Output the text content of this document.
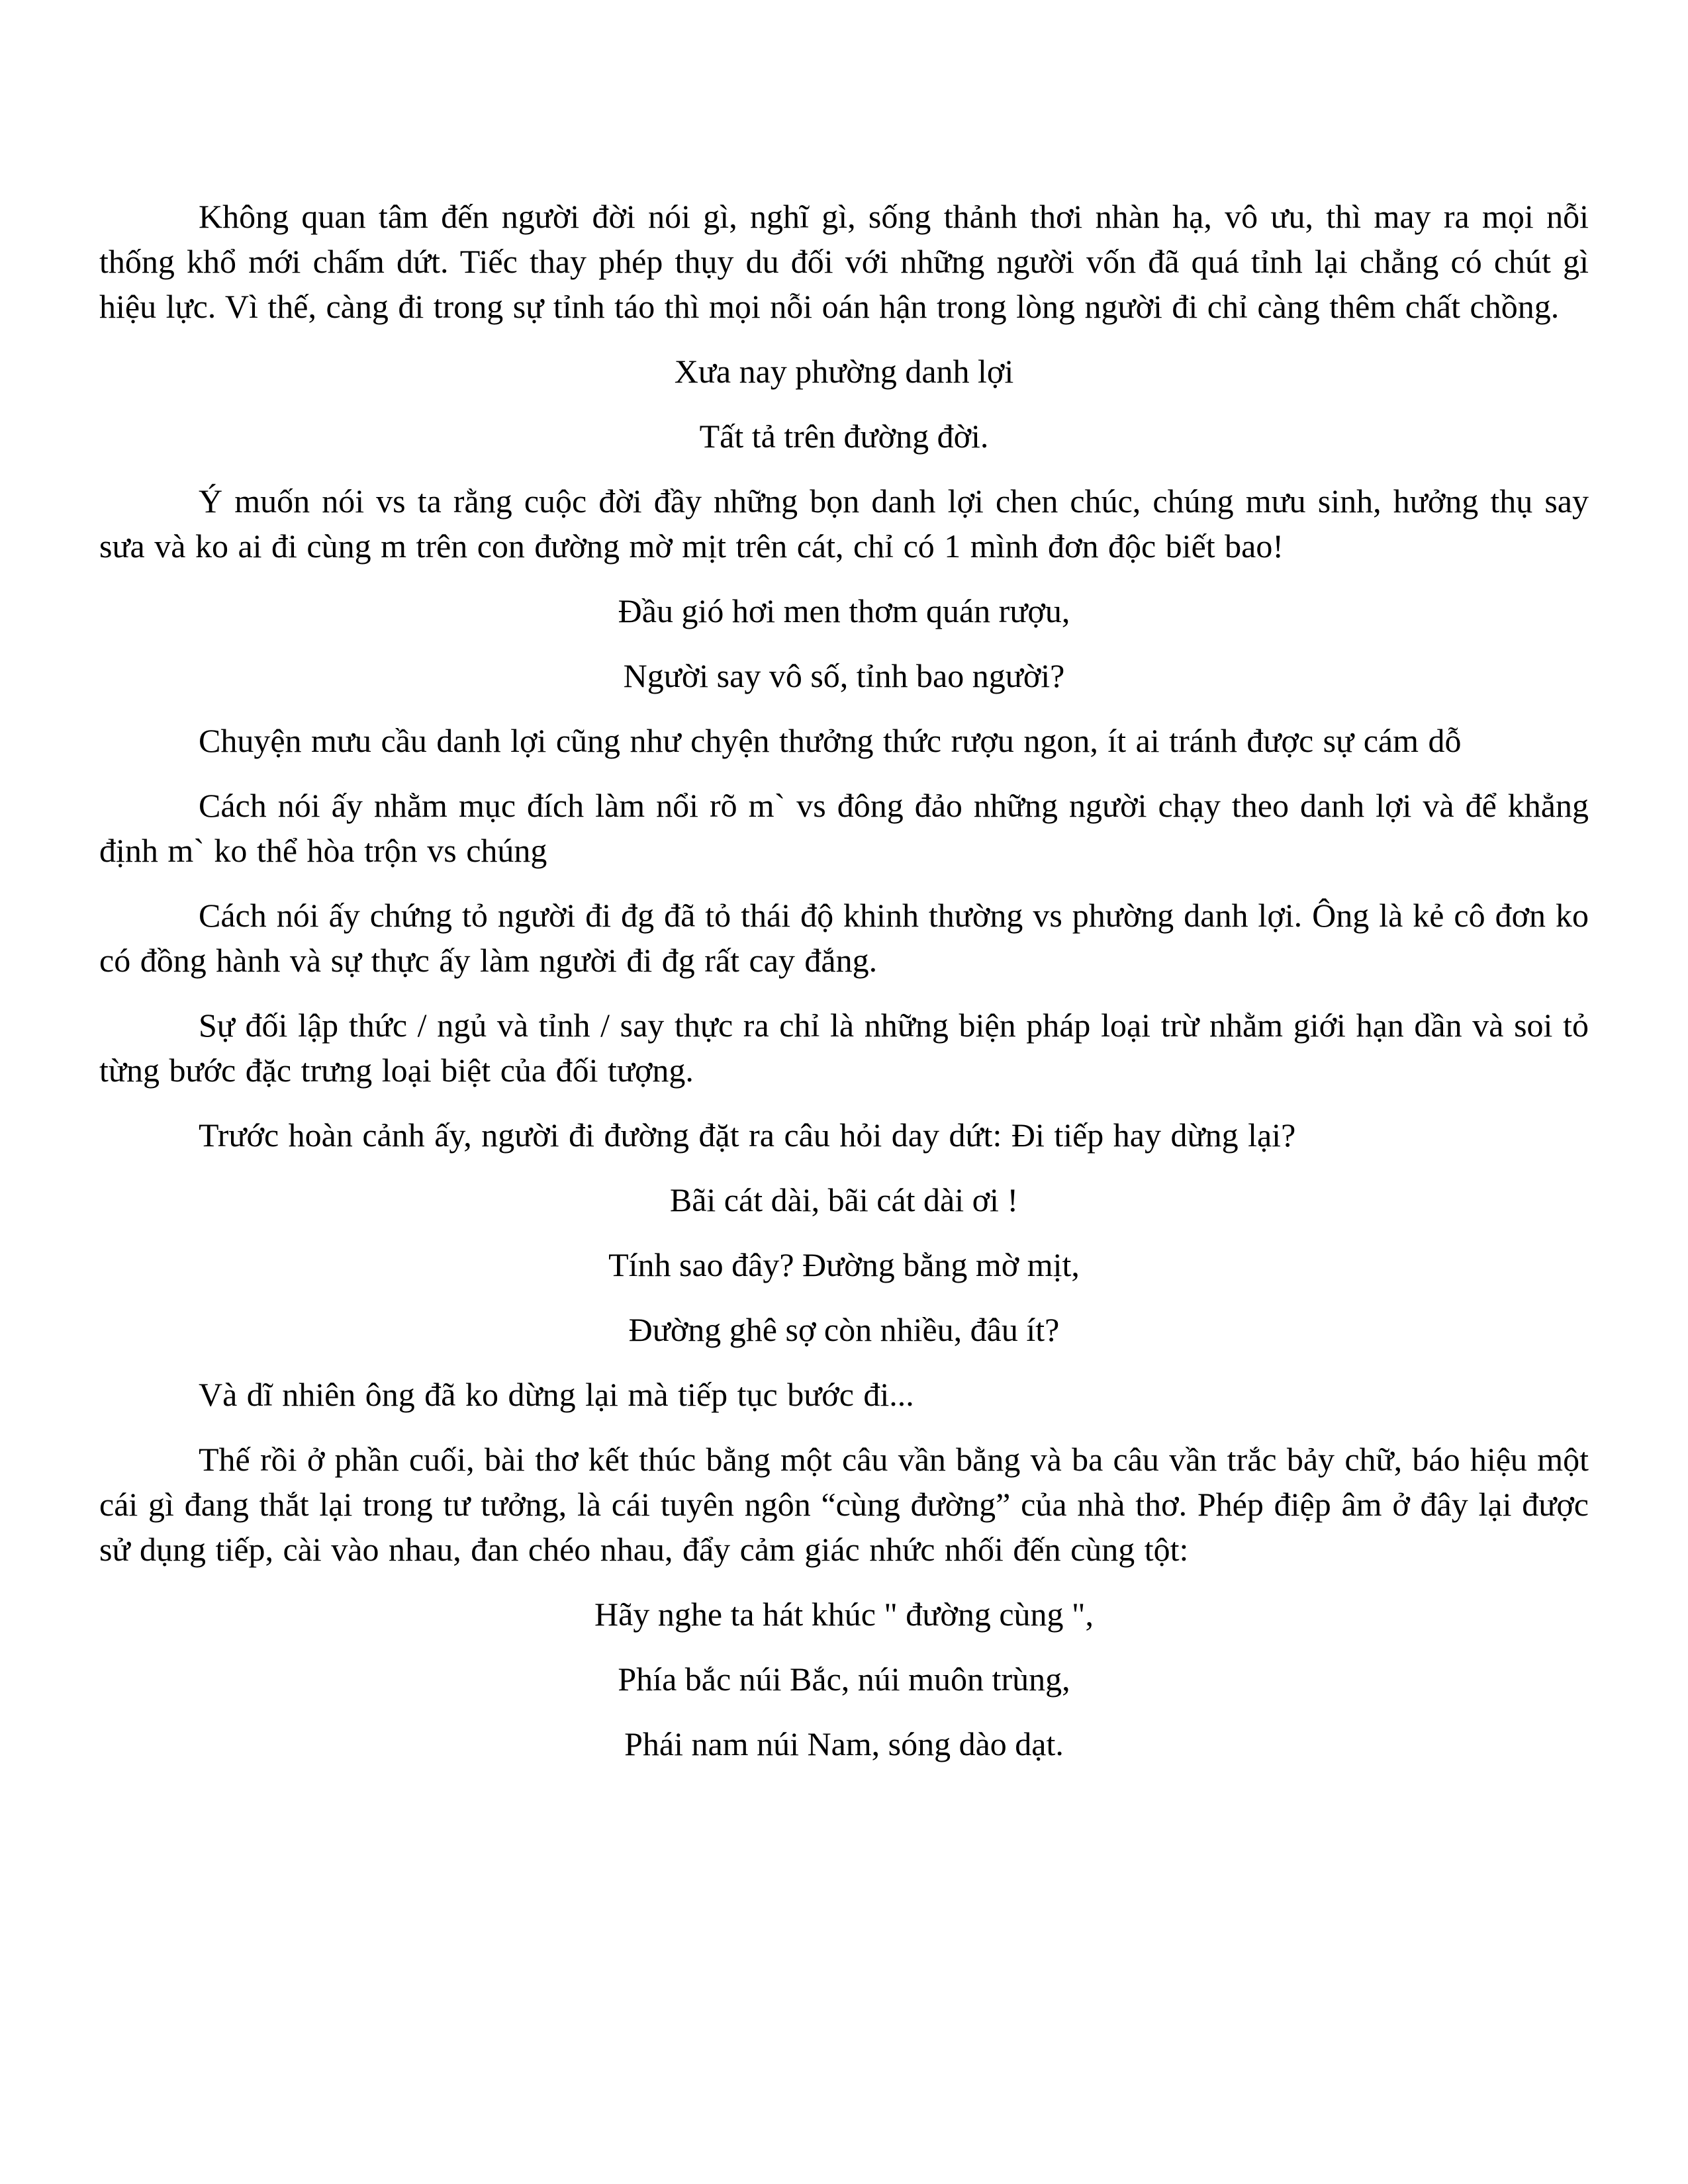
Không quan tâm đến người đời nói gì, nghĩ gì, sống thảnh thơi nhàn hạ, vô ưu, thì may ra mọi nỗi thống khổ mới chấm dứt. Tiếc thay phép thụy du đối với những người vốn đã quá tỉnh lại chẳng có chút gì hiệu lực. Vì thế, càng đi trong sự tỉnh táo thì mọi nỗi oán hận trong lòng người đi chỉ càng thêm chất chồng.

Xưa nay phường danh lợi

Tất tả trên đường đời.

Ý muốn nói vs ta rằng cuộc đời đầy những bọn danh lợi chen chúc, chúng mưu sinh, hưởng thụ say sưa và ko ai đi cùng m trên con đường mờ mịt trên cát, chỉ có 1 mình đơn độc biết bao!

Đầu gió hơi men thơm quán rượu,

Người say vô số, tỉnh bao người?

Chuyện mưu cầu danh lợi cũng như chyện thưởng thức rượu ngon, ít ai tránh được sự cám dỗ

Cách nói ấy nhằm mục đích làm nổi rõ m` vs đông đảo những người chạy theo danh lợi và để khẳng định m` ko thể hòa trộn vs chúng

Cách nói ấy chứng tỏ người đi đg đã tỏ thái độ khinh thường vs phường danh lợi. Ông là kẻ cô đơn ko có đồng hành và sự thực ấy làm người đi đg rất cay đắng.

Sự đối lập thức / ngủ và tỉnh / say thực ra chỉ là những biện pháp loại trừ nhằm giới hạn dần và soi tỏ từng bước đặc trưng loại biệt của đối tượng.

Trước hoàn cảnh ấy, người đi đường đặt ra câu hỏi day dứt: Đi tiếp hay dừng lại?

Bãi cát dài, bãi cát dài ơi !

Tính sao đây? Đường bằng mờ mịt,

Đường ghê sợ còn nhiều, đâu ít?

Và dĩ nhiên ông đã ko dừng lại mà tiếp tục bước đi...

Thế rồi ở phần cuối, bài thơ kết thúc bằng một câu vần bằng và ba câu vần trắc bảy chữ, báo hiệu một cái gì đang thắt lại trong tư tưởng, là cái tuyên ngôn “cùng đường” của nhà thơ. Phép điệp âm ở đây lại được sử dụng tiếp, cài vào nhau, đan chéo nhau, đẩy cảm giác nhức nhối đến cùng tột:

Hãy nghe ta hát khúc " đường cùng ",

Phía bắc núi Bắc, núi muôn trùng,

Phái nam núi Nam, sóng dào dạt.
